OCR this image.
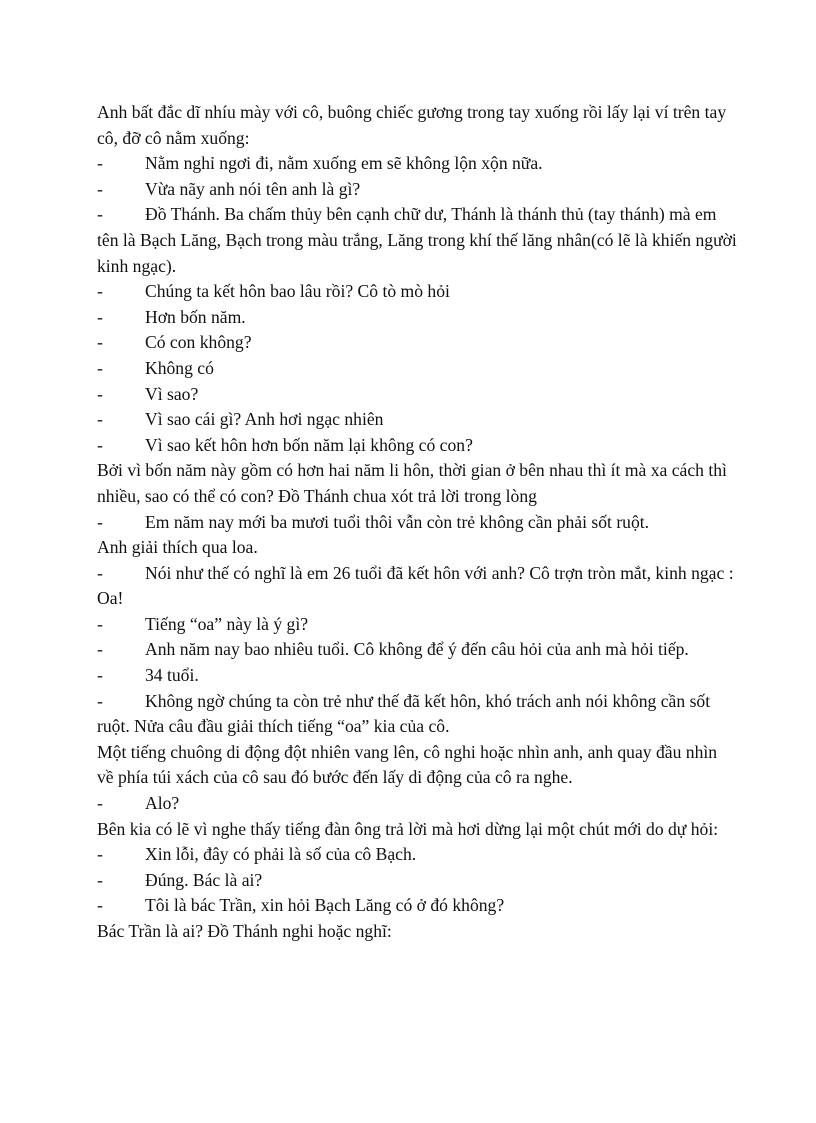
Anh bất đắc dĩ nhíu mày với cô, buông chiếc gương trong tay xuống rồi lấy lại ví trên tay cô, đỡ cô nằm xuống:

- Nằm nghỉ ngơi đi, nằm xuống em sẽ không lộn xộn nữa.

- Vừa nãy anh nói tên anh là gì?

- Đồ Thánh. Ba chấm thủy bên cạnh chữ dư, Thánh là thánh thủ (tay thánh) mà em tên là Bạch Lăng, Bạch trong màu trắng, Lăng trong khí thế lăng nhân(có lẽ là khiến người kinh ngạc).

- Chúng ta kết hôn bao lâu rồi? Cô tò mò hỏi

- Hơn bốn năm.

- Có con không?

- Không có

- Vì sao?

- Vì sao cái gì? Anh hơi ngạc nhiên

- Vì sao kết hôn hơn bốn năm lại không có con?

Bởi vì bốn năm này gồm có hơn hai năm li hôn, thời gian ở bên nhau thì ít mà xa cách thì nhiều, sao có thể có con? Đồ Thánh chua xót trả lời trong lòng

- Em năm nay mới ba mươi tuổi thôi vẫn còn trẻ không cần phải sốt ruột.

Anh giải thích qua loa.

- Nói như thế có nghĩ là em 26 tuổi đã kết hôn với anh? Cô trợn tròn mắt, kinh ngạc : Oa!

- Tiếng “oa” này là ý gì?

- Anh năm nay bao nhiêu tuổi. Cô không để ý đến câu hỏi của anh mà hỏi tiếp.

- 34 tuổi.

- Không ngờ chúng ta còn trẻ như thế đã kết hôn, khó trách anh nói không cần sốt ruột. Nửa câu đầu giải thích tiếng “oa” kia của cô.

Một tiếng chuông di động đột nhiên vang lên, cô nghi hoặc nhìn anh, anh quay đầu nhìn về phía túi xách của cô sau đó bước đến lấy di động của cô ra nghe.

- Alo?

Bên kia có lẽ vì nghe thấy tiếng đàn ông trả lời mà hơi dừng lại một chút mới do dự hỏi:

- Xin lỗi, đây có phải là số của cô Bạch.

- Đúng. Bác là ai?

- Tôi là bác Trần, xin hỏi Bạch Lăng có ở đó không?

Bác Trần là ai? Đồ Thánh nghi hoặc nghĩ:
